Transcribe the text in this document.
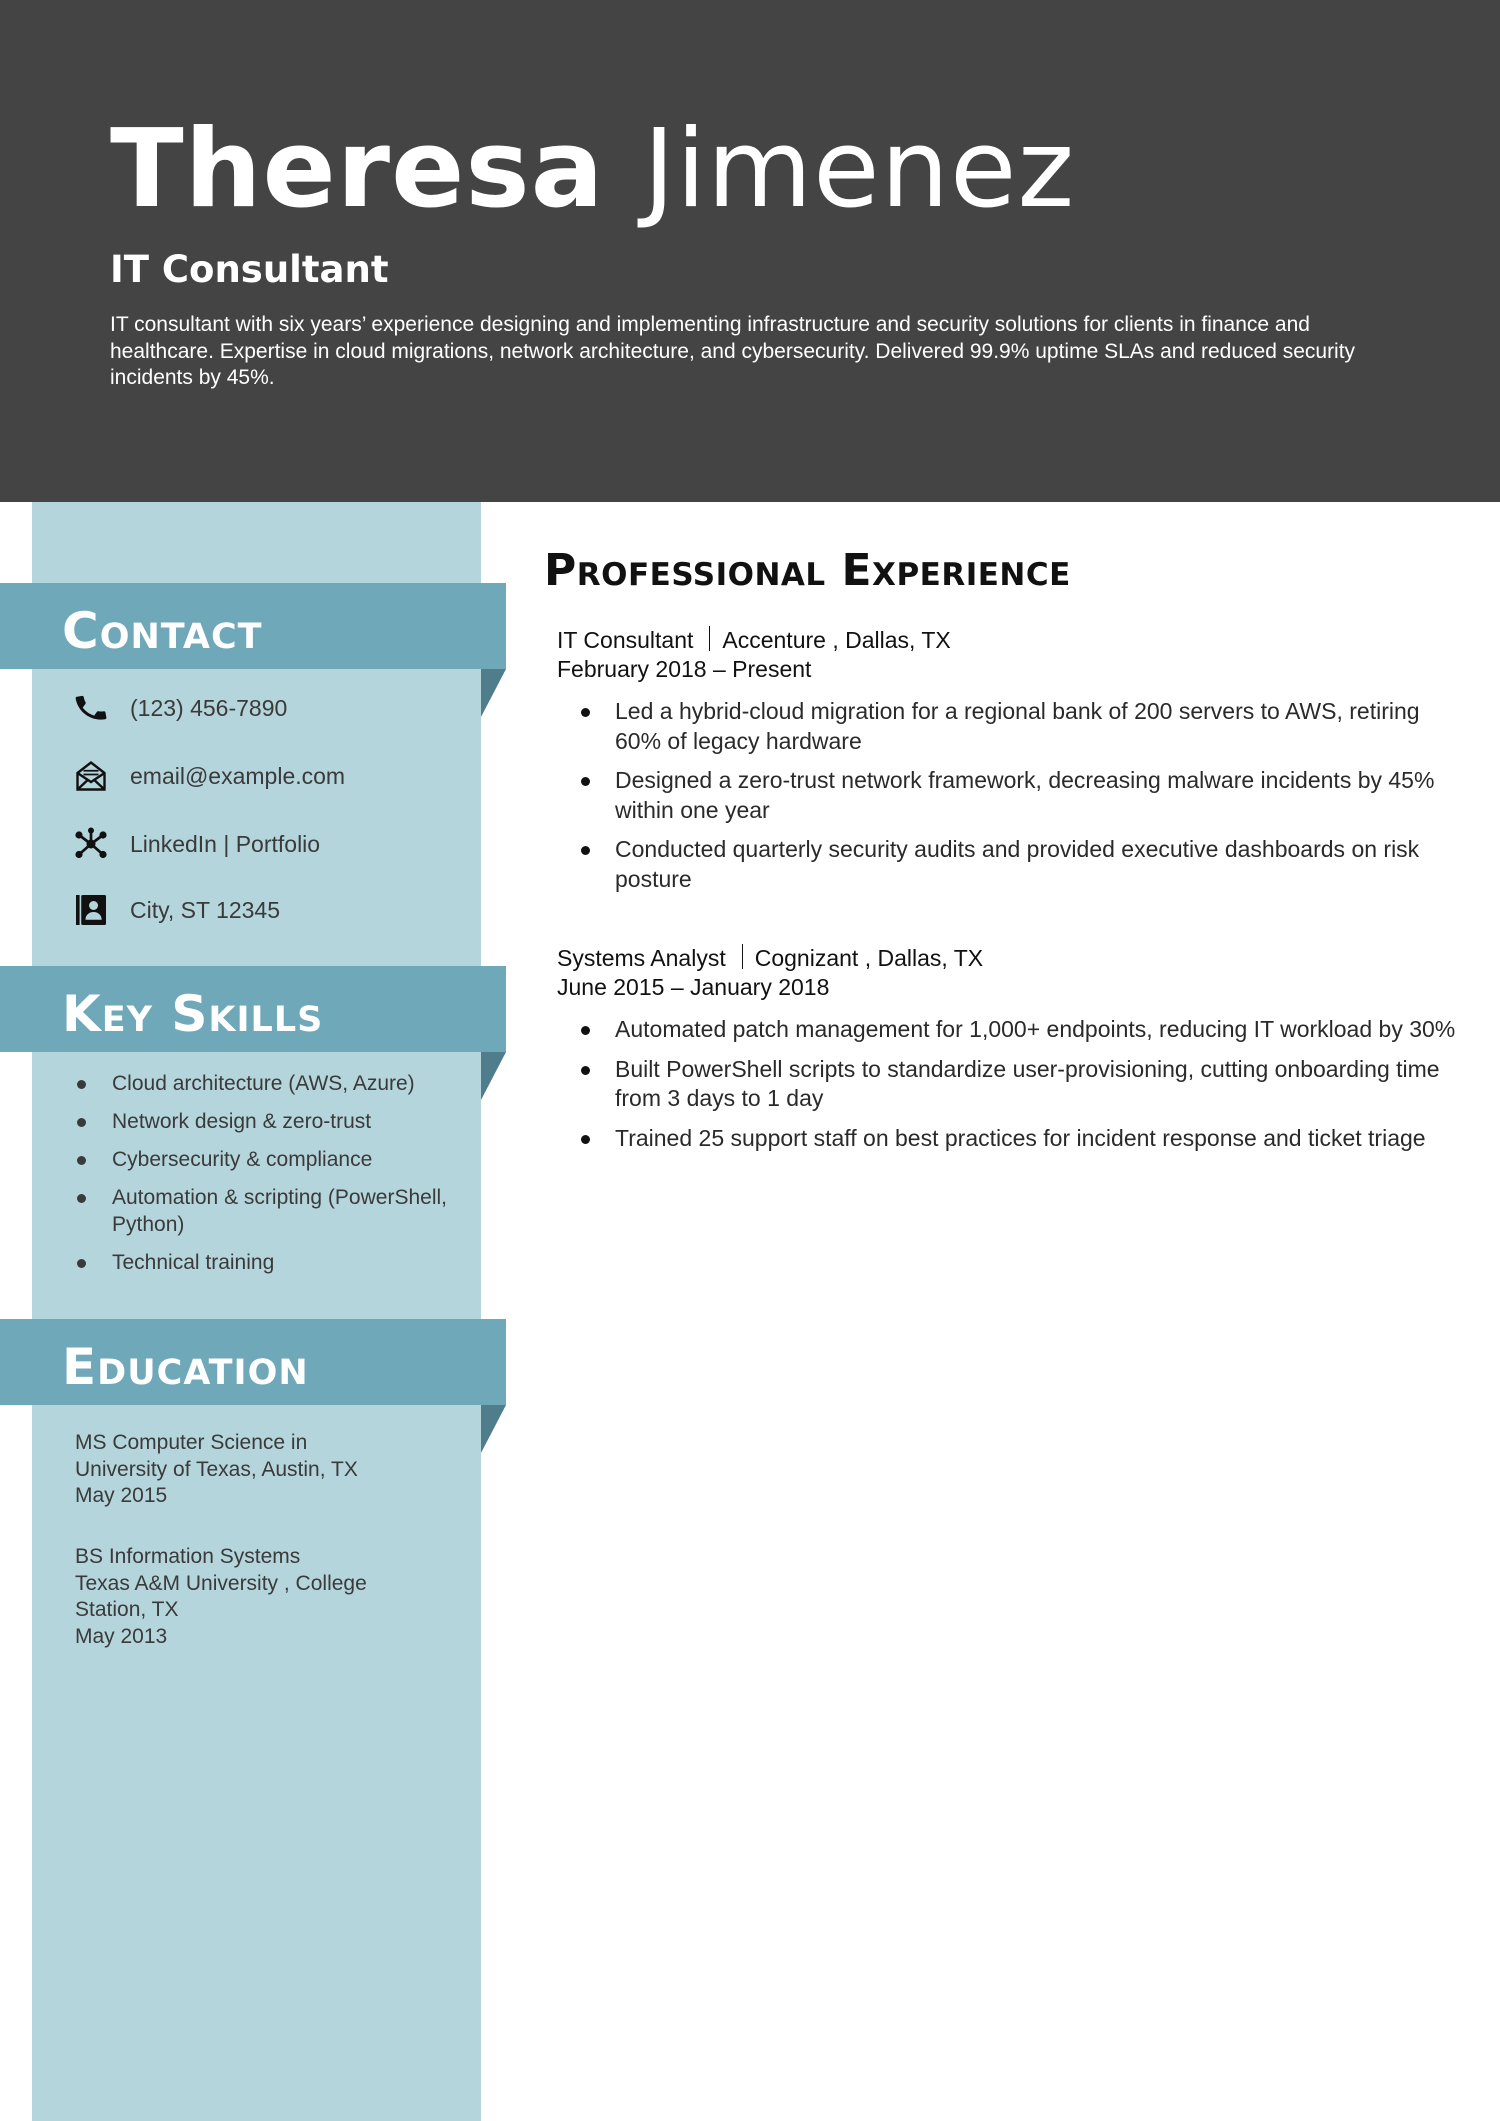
Theresa Jimenez
IT Consultant

IT consultant with six years’ experience designing and implementing infrastructure and security solutions for clients in finance and healthcare. Expertise in cloud migrations, network architecture, and cybersecurity. Delivered 99.9% uptime SLAs and reduced security incidents by 45%.

Contact
(123) 456-7890
email@example.com
LinkedIn | Portfolio
City, ST 12345
Key Skills
Cloud architecture (AWS, Azure)
Network design & zero-trust
Cybersecurity & compliance
Automation & scripting (PowerShell, Python)
Technical training
Education
MS Computer Science in
University of Texas, Austin, TX
May 2015
BS Information Systems
Texas A&M University , College Station, TX
May 2013
Professional Experience
IT Consultant Accenture , Dallas, TX
February 2018 – Present
Led a hybrid-cloud migration for a regional bank of 200 servers to AWS, retiring 60% of legacy hardware
Designed a zero-trust network framework, decreasing malware incidents by 45% within one year
Conducted quarterly security audits and provided executive dashboards on risk posture
Systems Analyst Cognizant , Dallas, TX
June 2015 – January 2018
Automated patch management for 1,000+ endpoints, reducing IT workload by 30%
Built PowerShell scripts to standardize user-provisioning, cutting onboarding time from 3 days to 1 day
Trained 25 support staff on best practices for incident response and ticket triage
